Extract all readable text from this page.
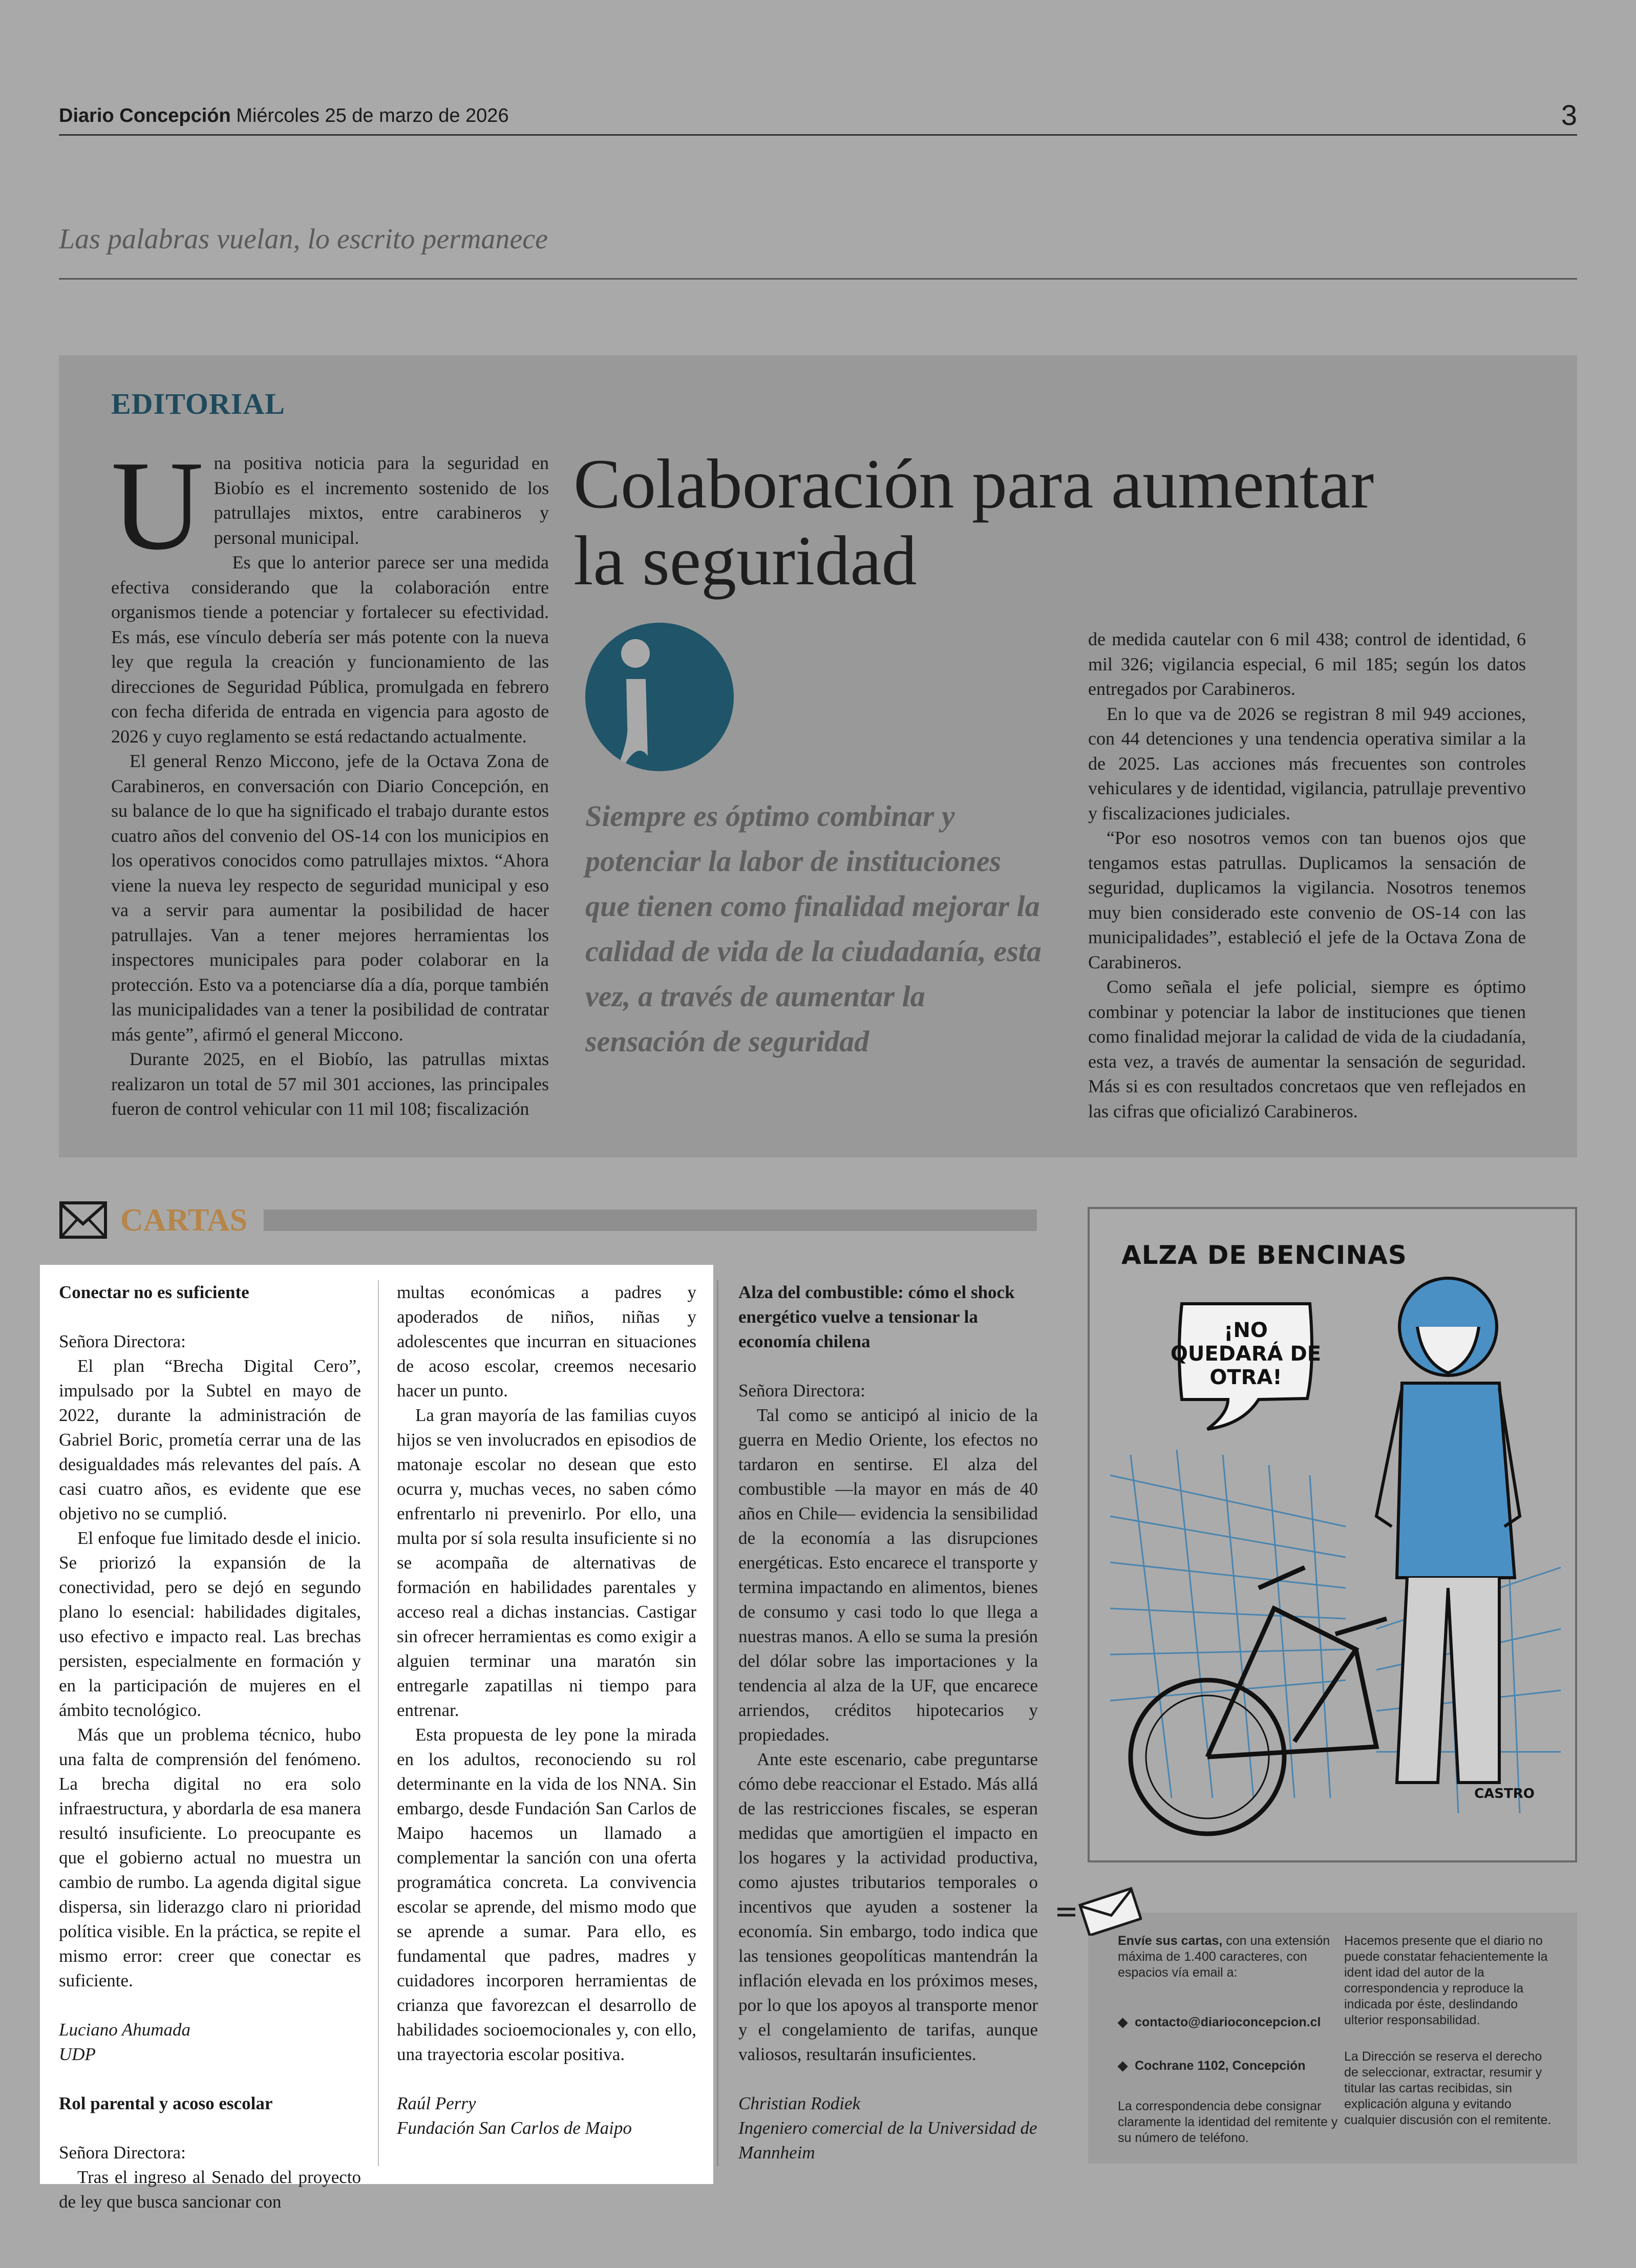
Diario Concepción Miércoles 25 de marzo de 2026	3
Las palabras vuelan, lo escrito permanece
EDITORIAL

Una positiva noticia para la seguridad en Biobío es el incremento sostenido de los patrullajes mixtos, entre carabineros y personal municipal.

Es que lo anterior parece ser una medida efectiva considerando que la colaboración entre organismos tiende a potenciar y fortalecer su efectividad. Es más, ese vínculo debería ser más potente con la nueva ley que regula la creación y funcionamiento de las direcciones de Seguridad Pública, promulgada en febrero con fecha diferida de entrada en vigencia para agosto de 2026 y cuyo reglamento se está redactando actualmente.

El general Renzo Miccono, jefe de la Octava Zona de Carabineros, en conversación con Diario Concepción, en su balance de lo que ha significado el trabajo durante estos cuatro años del convenio del OS-14 con los municipios en los operativos conocidos como patrullajes mixtos. “Ahora viene la nueva ley respecto de seguridad municipal y eso va a servir para aumentar la posibilidad de hacer patrullajes. Van a tener mejores herramientas los inspectores municipales para poder colaborar en la protección. Esto va a potenciarse día a día, porque también las municipalidades van a tener la posibilidad de contratar más gente”, afirmó el general Miccono.

Durante 2025, en el Biobío, las patrullas mixtas realizaron un total de 57 mil 301 acciones, las principales fueron de control vehicular con 11 mil 108; fiscalización

Colaboración para aumentar
la seguridad
Siempre es óptimo combinar y potenciar la labor de instituciones que tienen como finalidad mejorar la calidad de vida de la ciudadanía, esta vez, a través de aumentar la sensación de seguridad

de medida cautelar con 6 mil 438; control de identidad, 6 mil 326; vigilancia especial, 6 mil 185; según los datos entregados por Carabineros.

En lo que va de 2026 se registran 8 mil 949 acciones, con 44 detenciones y una tendencia operativa similar a la de 2025. Las acciones más frecuentes son controles vehiculares y de identidad, vigilancia, patrullaje preventivo y fiscalizaciones judiciales.

“Por eso nosotros vemos con tan buenos ojos que tengamos estas patrullas. Duplicamos la sensación de seguridad, duplicamos la vigilancia. Nosotros tenemos muy bien considerado este convenio de OS-14 con las municipalidades”, estableció el jefe de la Octava Zona de Carabineros.

Como señala el jefe policial, siempre es óptimo combinar y potenciar la labor de instituciones que tienen como finalidad mejorar la calidad de vida de la ciudadanía, esta vez, a través de aumentar la sensación de seguridad. Más si es con resultados concretaos que ven reflejados en las cifras que oficializó Carabineros.

CARTAS

Conectar no es suficiente

Señora Directora:

El plan “Brecha Digital Cero”, impulsado por la Subtel en mayo de 2022, durante la administración de Gabriel Boric, prometía cerrar una de las desigualdades más relevantes del país. A casi cuatro años, es evidente que ese objetivo no se cumplió.

El enfoque fue limitado desde el inicio. Se priorizó la expansión de la conectividad, pero se dejó en segundo plano lo esencial: habilidades digitales, uso efectivo e impacto real. Las brechas persisten, especialmente en formación y en la participación de mujeres en el ámbito tecnológico.

Más que un problema técnico, hubo una falta de comprensión del fenómeno. La brecha digital no era solo infraestructura, y abordarla de esa manera resultó insuficiente. Lo preocupante es que el gobierno actual no muestra un cambio de rumbo. La agenda digital sigue dispersa, sin liderazgo claro ni prioridad política visible. En la práctica, se repite el mismo error: creer que conectar es suficiente.

Luciano Ahumada

UDP

Rol parental y acoso escolar

Señora Directora:

Tras el ingreso al Senado del proyecto de ley que busca sancionar con

multas económicas a padres y apoderados de niños, niñas y adolescentes que incurran en situaciones de acoso escolar, creemos necesario hacer un punto.

La gran mayoría de las familias cuyos hijos se ven involucrados en episodios de matonaje escolar no desean que esto ocurra y, muchas veces, no saben cómo enfrentarlo ni prevenirlo. Por ello, una multa por sí sola resulta insuficiente si no se acompaña de alternativas de formación en habilidades parentales y acceso real a dichas instancias. Castigar sin ofrecer herramientas es como exigir a alguien terminar una maratón sin entregarle zapatillas ni tiempo para entrenar.

Esta propuesta de ley pone la mirada en los adultos, reconociendo su rol determinante en la vida de los NNA. Sin embargo, desde Fundación San Carlos de Maipo hacemos un llamado a complementar la sanción con una oferta programática concreta. La convivencia escolar se aprende, del mismo modo que se aprende a sumar. Para ello, es fundamental que padres, madres y cuidadores incorporen herramientas de crianza que favorezcan el desarrollo de habilidades socioemocionales y, con ello, una trayectoria escolar positiva.

Raúl Perry

Fundación San Carlos de Maipo

Alza del combustible: cómo el shock energético vuelve a tensionar la economía chilena

Señora Directora:

Tal como se anticipó al inicio de la guerra en Medio Oriente, los efectos no tardaron en sentirse. El alza del combustible —la mayor en más de 40 años en Chile— evidencia la sensibilidad de la economía a las disrupciones energéticas. Esto encarece el transporte y termina impactando en alimentos, bienes de consumo y casi todo lo que llega a nuestras manos. A ello se suma la presión del dólar sobre las importaciones y la tendencia al alza de la UF, que encarece arriendos, créditos hipotecarios y propiedades.

Ante este escenario, cabe preguntarse cómo debe reaccionar el Estado. Más allá de las restricciones fiscales, se esperan medidas que amortigüen el impacto en los hogares y la actividad productiva, como ajustes tributarios temporales o incentivos que ayuden a sostener la economía. Sin embargo, todo indica que las tensiones geopolíticas mantendrán la inflación elevada en los próximos meses, por lo que los apoyos al transporte menor y el congelamiento de tarifas, aunque valiosos, resultarán insuficientes.

Christian Rodiek

Ingeniero comercial de la Universidad de Mannheim

¡NO
QUEDARÁ DE
OTRA!
CASTRO
ALZA DE BENCINAS
Envíe sus cartas, con una extensión máxima de 1.400 caracteres, con espacios vía email a:
◆  contacto@diarioconcepcion.cl
◆  Cochrane 1102, Concepción
La correspondencia debe consignar claramente la identidad del remitente y su número de teléfono.
Hacemos presente que el diario no puede constatar fehacientemente la ident idad del autor de la correspondencia y reproduce la indicada por éste, deslindando ulterior responsabilidad.
La Dirección se reserva el derecho de seleccionar, extractar, resumir y titular las cartas recibidas, sin explicación alguna y evitando cualquier discusión con el remitente.
